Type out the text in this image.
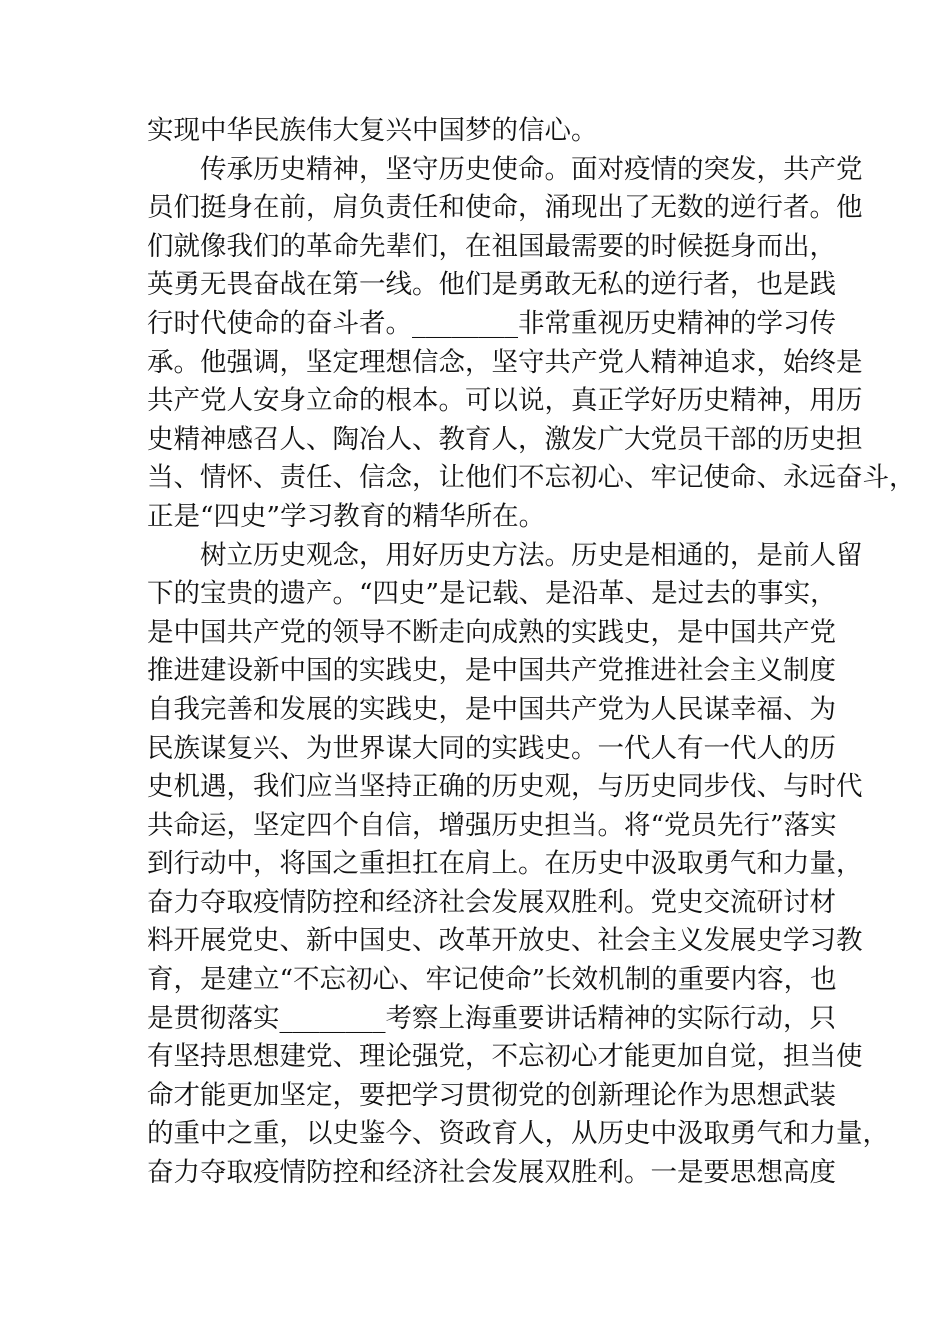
实现中华民族伟大复兴中国梦的信心。
传承历史精神，坚守历史使命。面对疫情的突发，共产党
员们挺身在前，肩负责任和使命，涌现出了无数的逆行者。他
们就像我们的革命先辈们，在祖国最需要的时候挺身而出，
英勇无畏奋战在第一线。他们是勇敢无私的逆行者，也是践
行时代使命的奋斗者。________非常重视历史精神的学习传
承。他强调，坚定理想信念，坚守共产党人精神追求，始终是
共产党人安身立命的根本。可以说，真正学好历史精神，用历
史精神感召人、陶冶人、教育人，激发广大党员干部的历史担
当、情怀、责任、信念，让他们不忘初心、牢记使命、永远奋斗，
正是“四史”学习教育的精华所在。
树立历史观念，用好历史方法。历史是相通的，是前人留
下的宝贵的遗产。“四史”是记载、是沿革、是过去的事实，
是中国共产党的领导不断走向成熟的实践史，是中国共产党
推进建设新中国的实践史，是中国共产党推进社会主义制度
自我完善和发展的实践史，是中国共产党为人民谋幸福、为
民族谋复兴、为世界谋大同的实践史。一代人有一代人的历
史机遇，我们应当坚持正确的历史观，与历史同步伐、与时代
共命运，坚定四个自信，增强历史担当。将“党员先行”落实
到行动中，将国之重担扛在肩上。在历史中汲取勇气和力量，
奋力夺取疫情防控和经济社会发展双胜利。党史交流研讨材
料开展党史、新中国史、改革开放史、社会主义发展史学习教
育，是建立“不忘初心、牢记使命”长效机制的重要内容，也
是贯彻落实________考察上海重要讲话精神的实际行动，只
有坚持思想建党、理论强党，不忘初心才能更加自觉，担当使
命才能更加坚定，要把学习贯彻党的创新理论作为思想武装
的重中之重，以史鉴今、资政育人，从历史中汲取勇气和力量，
奋力夺取疫情防控和经济社会发展双胜利。一是要思想高度
